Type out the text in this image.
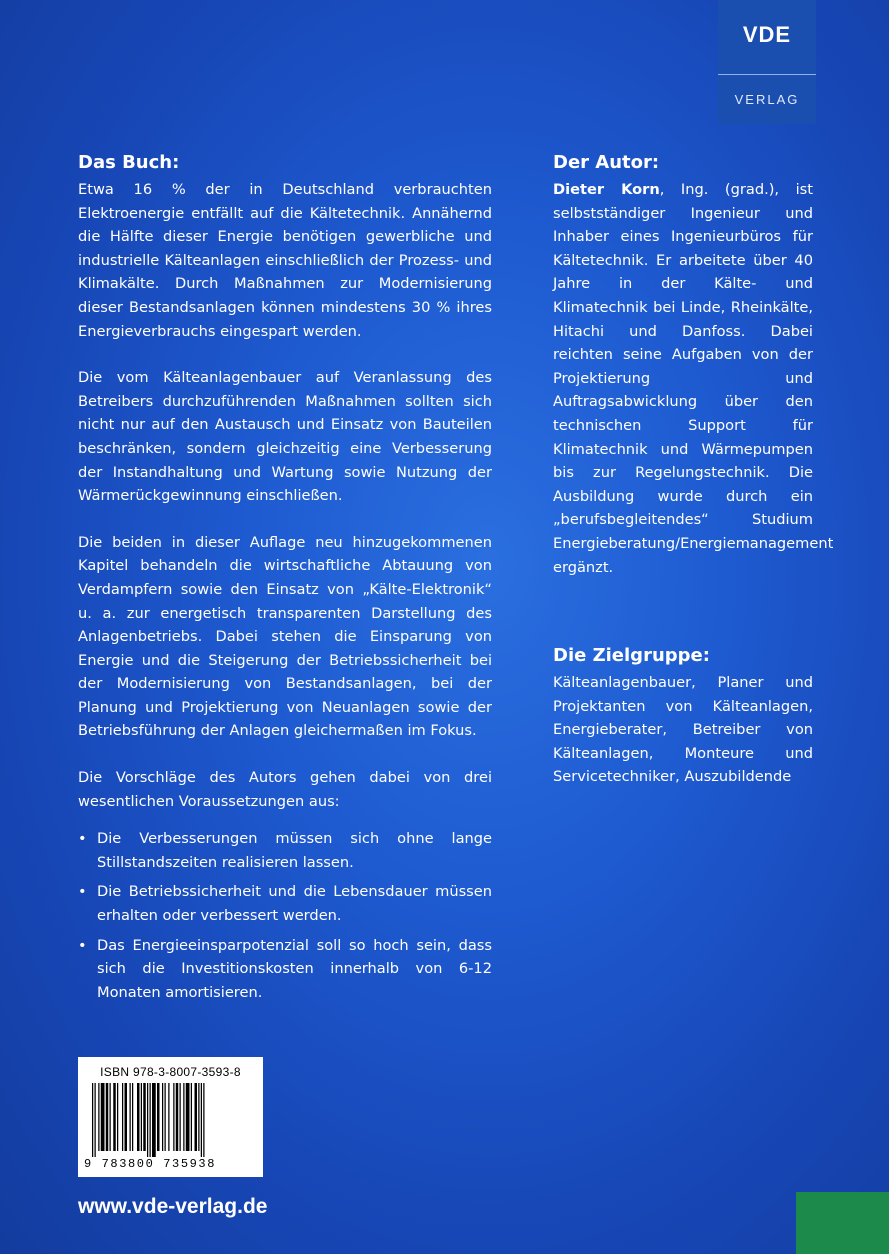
VDE
VERLAG
Das Buch:

Etwa 16 % der in Deutschland verbrauchten Elektroenergie entfällt auf die Kältetechnik. Annähernd die Hälfte dieser Energie benötigen gewerbliche und industrielle Kälteanlagen einschließlich der Prozess- und Klimakälte. Durch Maßnahmen zur Modernisierung dieser Bestandsanlagen können mindestens 30 % ihres Energieverbrauchs eingespart werden.

Die vom Kälteanlagenbauer auf Veranlassung des Betreibers durchzuführenden Maßnahmen sollten sich nicht nur auf den Austausch und Einsatz von Bauteilen beschränken, sondern gleichzeitig eine Verbesserung der Instandhaltung und Wartung sowie Nutzung der Wärmerückgewinnung einschließen.

Die beiden in dieser Auflage neu hinzugekommenen Kapitel behandeln die wirtschaftliche Abtauung von Verdampfern sowie den Einsatz von „Kälte-Elektronik“ u. a. zur energetisch transparenten Darstellung des Anlagenbetriebs. Dabei stehen die Einsparung von Energie und die Steigerung der Betriebssicherheit bei der Modernisierung von Bestandsanlagen, bei der Planung und Projektierung von Neuanlagen sowie der Betriebsführung der Anlagen gleichermaßen im Fokus.

Die Vorschläge des Autors gehen dabei von drei wesentlichen Voraussetzungen aus:

• Die Verbesserungen müssen sich ohne lange Stillstandszeiten realisieren lassen.
• Die Betriebssicherheit und die Lebensdauer müssen erhalten oder verbessert werden.
• Das Energieeinsparpotenzial soll so hoch sein, dass sich die Investitionskosten innerhalb von 6-12 Monaten amortisieren.
Der Autor:

Dieter Korn, Ing. (grad.), ist selbstständiger Ingenieur und Inhaber eines Ingenieurbüros für Kältetechnik. Er arbeitete über 40 Jahre in der Kälte- und Klimatechnik bei Linde, Rheinkälte, Hitachi und Danfoss. Dabei reichten seine Aufgaben von der Projektierung und Auftragsabwicklung über den technischen Support für Klimatechnik und Wärmepumpen bis zur Regelungstechnik. Die Ausbildung wurde durch ein „berufsbegleitendes“ Studium Energieberatung/Energiemanagement ergänzt.

Die Zielgruppe:

Kälteanlagenbauer, Planer und Projektanten von Kälteanlagen, Energieberater, Betreiber von Kälteanlagen, Monteure und Servicetechniker, Auszubildende

ISBN 978-3-8007-3593-8
9 783800 735938
www.vde-verlag.de
